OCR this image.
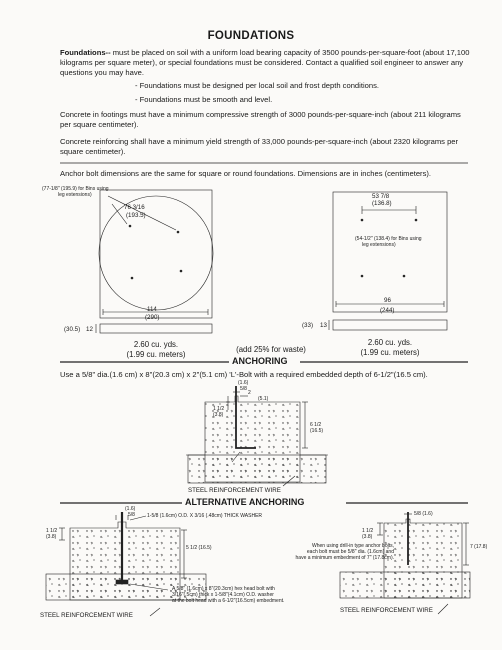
FOUNDATIONS
Foundations-- must be placed on soil with a uniform load bearing capacity of 3500 pounds-per-square-foot (about 17,100 kilograms per square meter), or special foundations must be considered. Contact a qualified soil engineer to answer any questions you may have.
- Foundations must be designed per local soil and frost depth conditions.
- Foundations must be smooth and level.
Concrete in footings must have a minimum compressive strength of 3000 pounds-per-square-inch (about 211 kilograms per square centimeter).
Concrete reinforcing shall have a minimum yield strength of 33,000 pounds-per-square-inch (about 2320 kilograms per square centimeter).
Anchor bolt dimensions are the same for square or round foundations. Dimensions are in inches (centimeters).
(77-1/8" (195.9) for Bins using
leg extensions)
76 3/16
(193.5)
114
(290)
(30.5) 12
2.60 cu. yds.
(1.99 cu. meters)
(add 25% for waste)
53 7/8
(136.8)
(54-1/2" (138.4) for Bins using
leg extensions)
96
(244)
(33) 13
2.60 cu. yds.
(1.99 cu. meters)
ANCHORING
Use a 5/8" dia.(1.6 cm) x 8"(20.3 cm) x 2"(5.1 cm) 'L'-Bolt with a required embedded depth of 6-1/2"(16.5 cm).
(1.6)
5/8
2
(5.1)
1 1/2
(3.8)
6 1/2
(16.5)
STEEL REINFORCEMENT WIRE
ALTERNATIVE ANCHORING
(1.6)
5/8 1-5/8 (1.6cm) O.D. X 3/16 (.48cm) THICK WASHER
1 1/2
(3.8)
5 1/2 (16.5)
A 5/8" (1.6cm) x 8"(20.3cm) hex head bolt with
3/16"(.5cm) thick x 1-5/8"(4.1cm) O.D. washer
at the bolt head with a 6-1/2"(16.5cm) embedment.
STEEL REINFORCEMENT WIRE
5/8 (1.6)
1 1/2
(3.8)
When using drill-in type anchor bolts,
each bolt must be 5/8" dia. (1.6cm) and
have a minimum embedment of 7" (17.8cm).
7 (17.8)
STEEL REINFORCEMENT WIRE
